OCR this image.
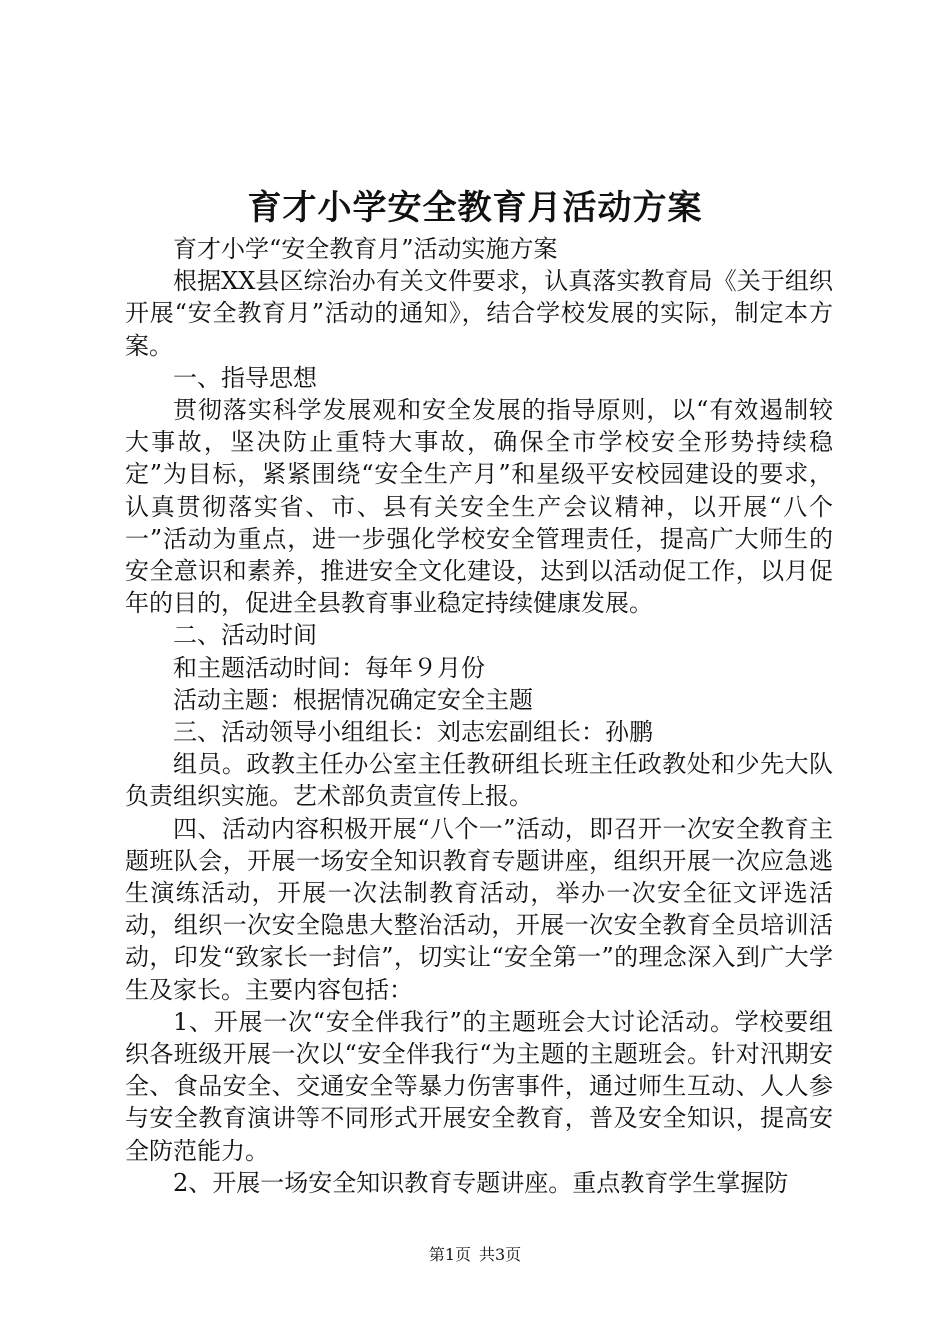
育才小学安全教育月活动方案

育才小学“安全教育月”活动实施方案

根据XX县区综治办有关文件要求，认真落实教育局《关于组织开展“安全教育月”活动的通知》，结合学校发展的实际，制定本方案。

一、指导思想

贯彻落实科学发展观和安全发展的指导原则，以“有效遏制较大事故，坚决防止重特大事故，确保全市学校安全形势持续稳定”为目标，紧紧围绕“安全生产月”和星级平安校园建设的要求，认真贯彻落实省、市、县有关安全生产会议精神，以开展“八个一”活动为重点，进一步强化学校安全管理责任，提高广大师生的安全意识和素养，推进安全文化建设，达到以活动促工作，以月促年的目的，促进全县教育事业稳定持续健康发展。

二、活动时间

和主题活动时间：每年９月份

活动主题：根据情况确定安全主题

三、活动领导小组组长：刘志宏副组长：孙鹏

组员。政教主任办公室主任教研组长班主任政教处和少先大队负责组织实施。艺术部负责宣传上报。

四、活动内容积极开展“八个一”活动，即召开一次安全教育主题班队会，开展一场安全知识教育专题讲座，组织开展一次应急逃生演练活动，开展一次法制教育活动，举办一次安全征文评选活动，组织一次安全隐患大整治活动，开展一次安全教育全员培训活动，印发“致家长一封信”，切实让“安全第一”的理念深入到广大学生及家长。主要内容包括：

1、开展一次“安全伴我行”的主题班会大讨论活动。学校要组织各班级开展一次以“安全伴我行“为主题的主题班会。针对汛期安全、食品安全、交通安全等暴力伤害事件，通过师生互动、人人参与安全教育演讲等不同形式开展安全教育，普及安全知识，提高安全防范能力。

2、开展一场安全知识教育专题讲座。重点教育学生掌握防

第1页 共3页
